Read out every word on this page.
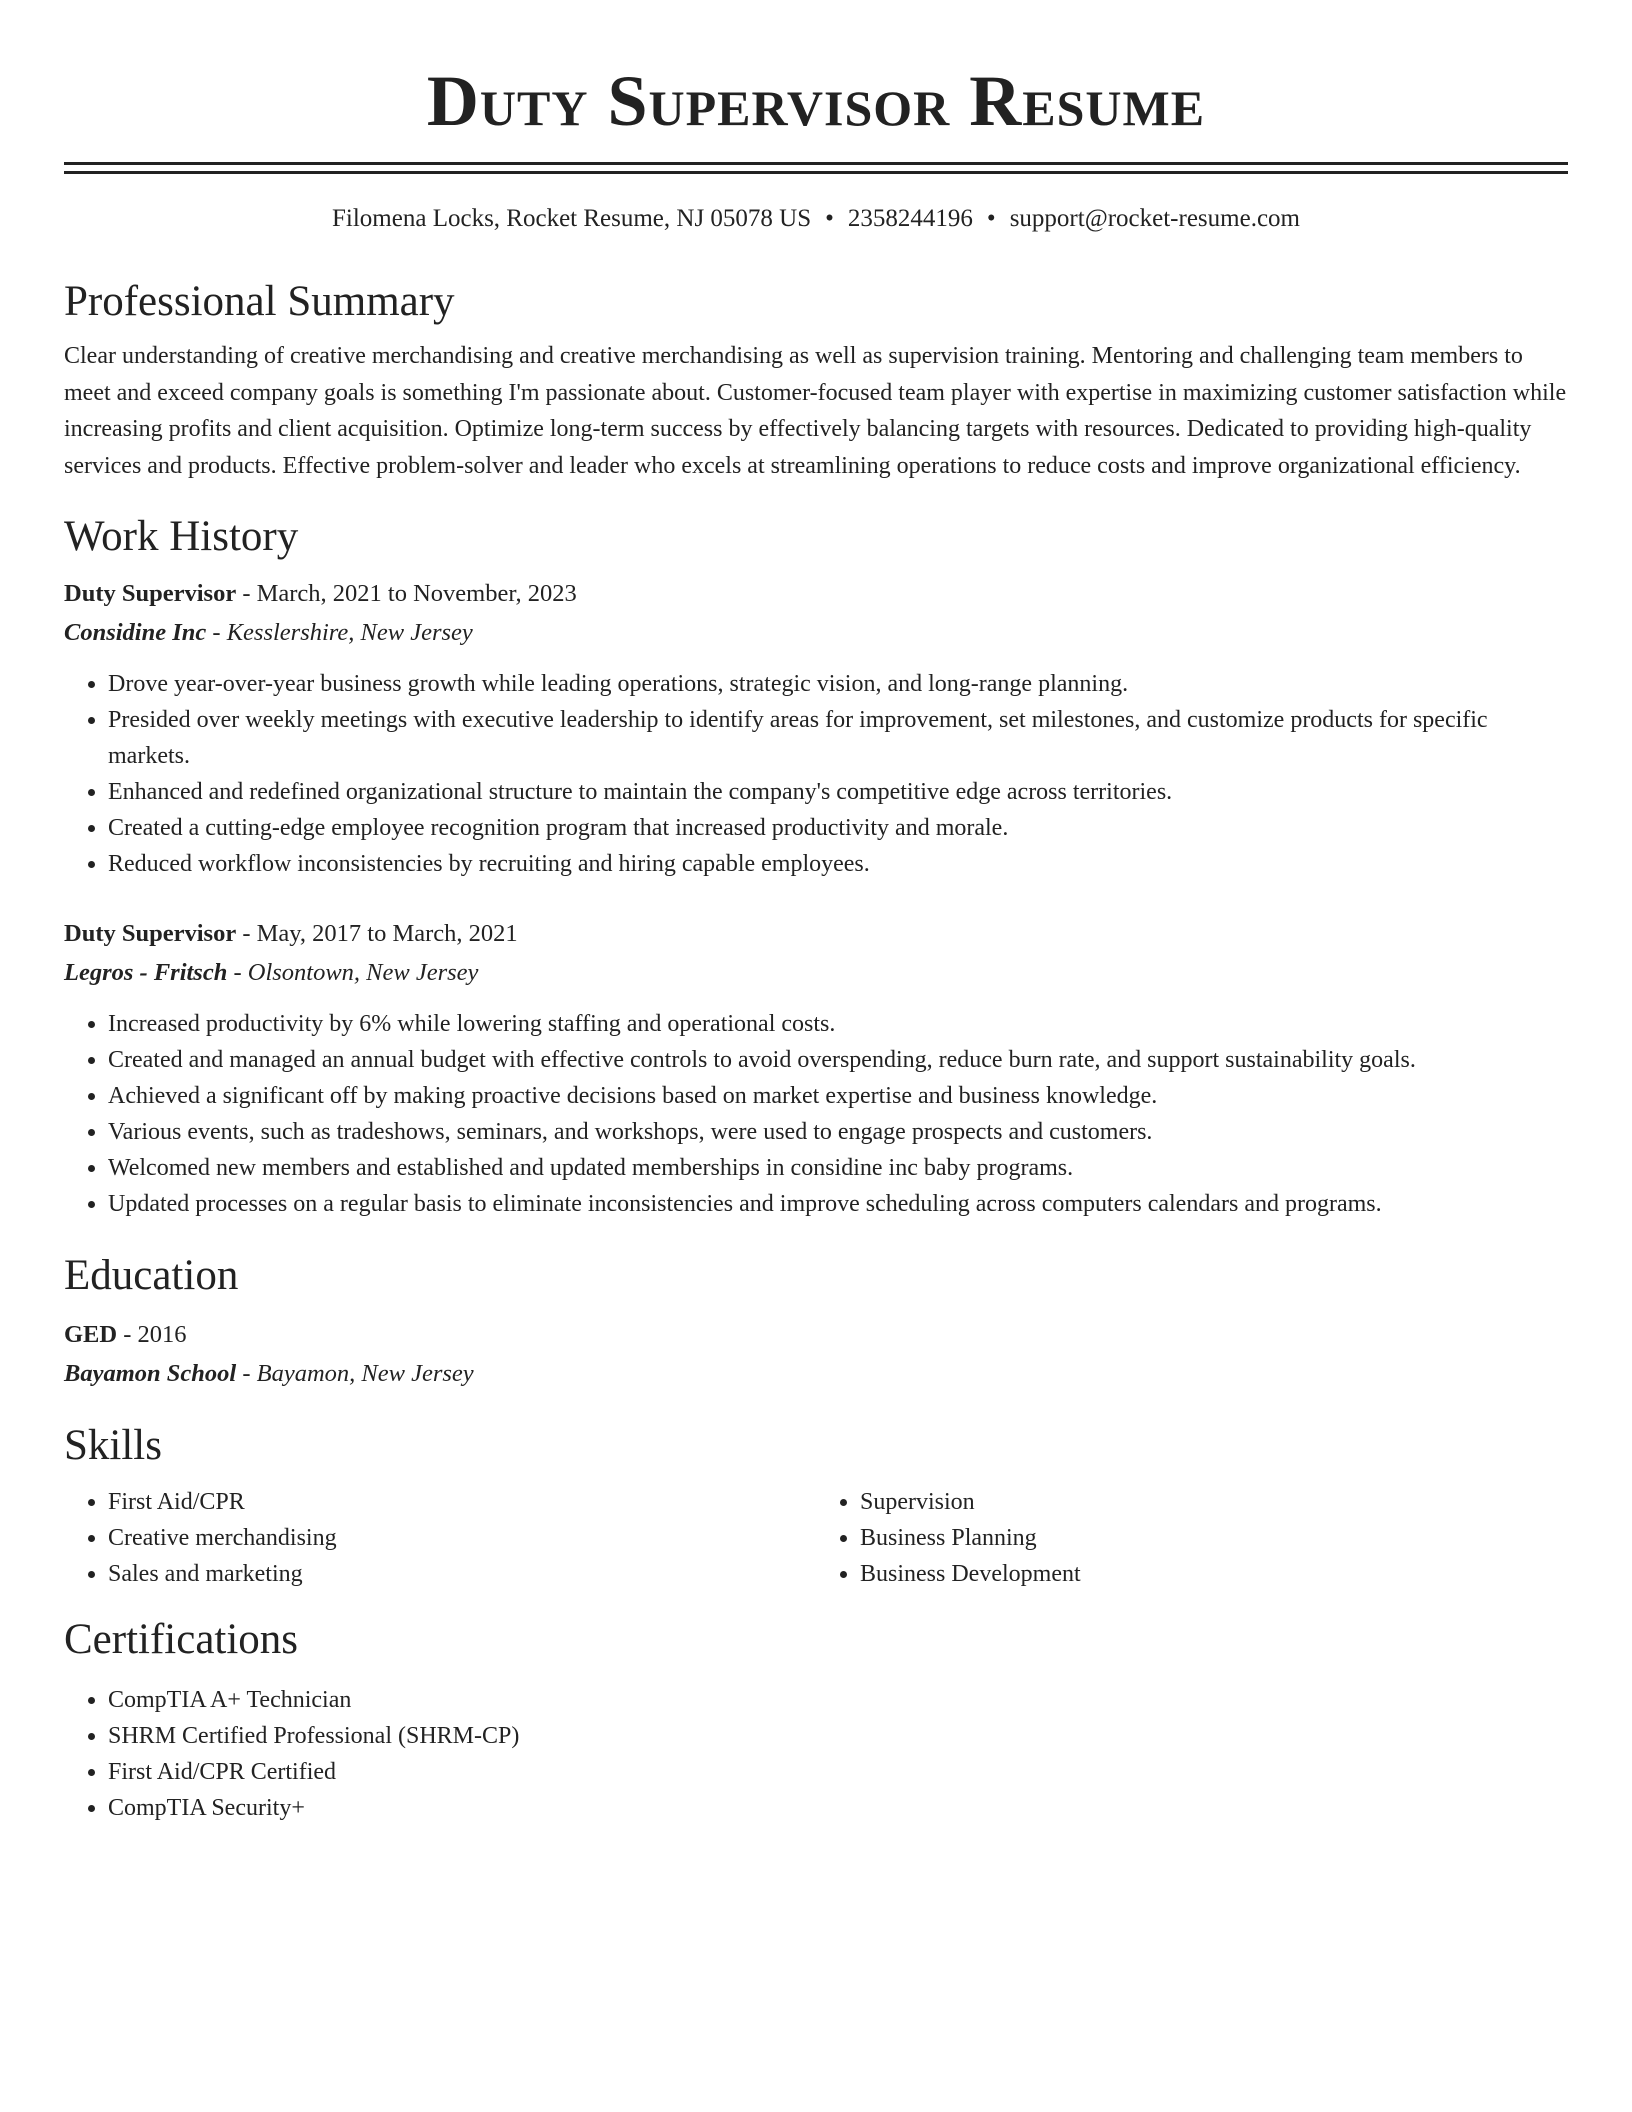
Duty Supervisor Resume
Filomena Locks, Rocket Resume, NJ 05078 US • 2358244196 • support@rocket-resume.com
Professional Summary

Clear understanding of creative merchandising and creative merchandising as well as supervision training. Mentoring and challenging team members to meet and exceed company goals is something I'm passionate about. Customer-focused team player with expertise in maximizing customer satisfaction while increasing profits and client acquisition. Optimize long-term success by effectively balancing targets with resources. Dedicated to providing high-quality services and products. Effective problem-solver and leader who excels at streamlining operations to reduce costs and improve organizational efficiency.

Work History
Duty Supervisor - March, 2021 to November, 2023
Considine Inc - Kesslershire, New Jersey
• Drove year-over-year business growth while leading operations, strategic vision, and long-range planning.
• Presided over weekly meetings with executive leadership to identify areas for improvement, set milestones, and customize products for specific markets.
• Enhanced and redefined organizational structure to maintain the company's competitive edge across territories.
• Created a cutting-edge employee recognition program that increased productivity and morale.
• Reduced workflow inconsistencies by recruiting and hiring capable employees.
Duty Supervisor - May, 2017 to March, 2021
Legros - Fritsch - Olsontown, New Jersey
• Increased productivity by 6% while lowering staffing and operational costs.
• Created and managed an annual budget with effective controls to avoid overspending, reduce burn rate, and support sustainability goals.
• Achieved a significant off by making proactive decisions based on market expertise and business knowledge.
• Various events, such as tradeshows, seminars, and workshops, were used to engage prospects and customers.
• Welcomed new members and established and updated memberships in considine inc baby programs.
• Updated processes on a regular basis to eliminate inconsistencies and improve scheduling across computers calendars and programs.
Education
GED - 2016
Bayamon School - Bayamon, New Jersey
Skills
• First Aid/CPR
• Creative merchandising
• Sales and marketing
• Supervision
• Business Planning
• Business Development
Certifications
• CompTIA A+ Technician
• SHRM Certified Professional (SHRM-CP)
• First Aid/CPR Certified
• CompTIA Security+
